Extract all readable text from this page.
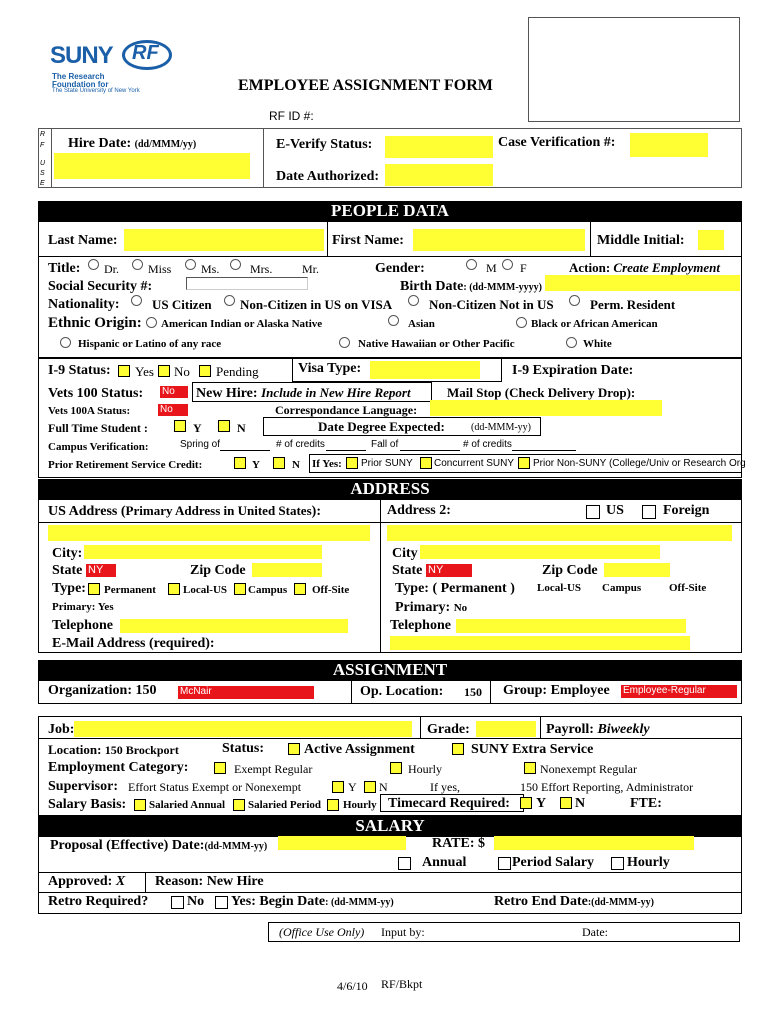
SUNY RF
The Research
Foundation for
The State University of New York	EMPLOYEE ASSIGNMENT FORM
RF ID #:
R
F
U
S
E
Hire Date: (dd/MMM/yy)	E-Verify Status:	Case Verification #:
Date Authorized:
PEOPLE DATA
Last Name:	First Name:	Middle Initial:
Title: Dr. Miss Ms.	Mrs. Mr.	Gender:	M F	Action: Create Employment
Social Security #:	Birth Date: (dd-MMM-yyyy)
Nationality: US Citizen Non-Citizen in US on VISA	Non-Citizen Not in US	Perm. Resident
Ethnic Origin: American Indian or Alaska Native	Asian	Black or African American
Hispanic or Latino of any race	Native Hawaiian or Other Pacific	White
I-9 Status: Yes No Pending	Visa Type:	I-9 Expiration Date:
Vets 100 Status: No	New Hire: Include in New Hire Report	Mail Stop (Check Delivery Drop):
Vets 100A Status:	No	Correspondance Language:
Full Time Student :	Y	N	Date Degree Expected:	(dd-MMM-yy)
Campus Verification:	Spring of	# of credits	Fall of	# of credits
Prior Retirement Service Credit:	Y	N If Yes: Prior SUNY Concurrent SUNY Prior Non-SUNY (College/Univ or Research Org
ADDRESS
US Address (Primary Address in United States):	Address 2:	US	Foreign
City:	City
State NY	Zip Code	State NY	Zip Code
Type: Permanent Local-US Campus Off-Site	Type: ( Permanent ) Local-US Campus	Off-Site
Primary: Yes	Primary: No
Telephone	Telephone
E-Mail Address (required):
ASSIGNMENT
Organization: 150 McNair	Op. Location: 150 Group: Employee Employee-Regular
Job:	Grade:	Payroll: Biweekly
Location: 150 Brockport	Status:	Active Assignment	SUNY Extra Service
Employment Category:	Exempt Regular	Hourly	Nonexempt Regular
Supervisor: Effort Status Exempt or Nonexempt	Y N	If yes,	150 Effort Reporting, Administrator
Salary Basis: Salaried Annual Salaried Period Hourly Timecard Required: Y N	FTE:
SALARY
Proposal (Effective) Date:(dd-MMM-yy)	RATE: $
Annual	Period Salary Hourly
Approved: X Reason: New Hire
Retro Required?	No Yes: Begin Date: (dd-MMM-yy)	Retro End Date:(dd-MMM-yy)
(Office Use Only) Input by:	Date:
4/6/10 RF/Bkpt
